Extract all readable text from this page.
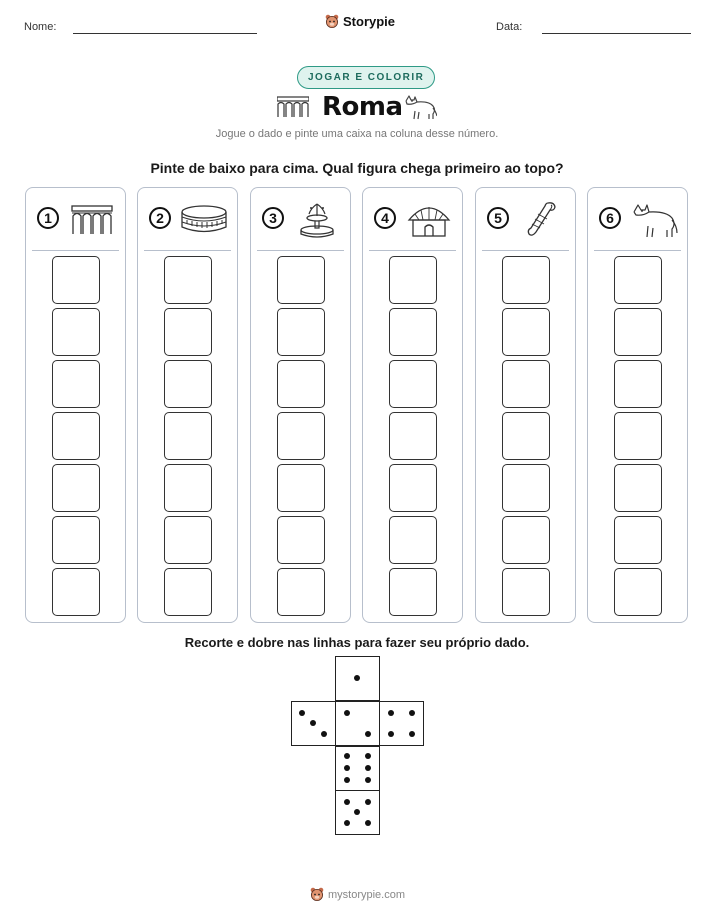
Nome:	Storypie	Data:
JOGAR E COLORIR
Roma
Jogue o dado e pinte uma caixa na coluna desse número.
Pinte de baixo para cima. Qual figura chega primeiro ao topo?
1	2	3	4	5	6
Recorte e dobre nas linhas para fazer seu próprio dado.
mystorypie.com
